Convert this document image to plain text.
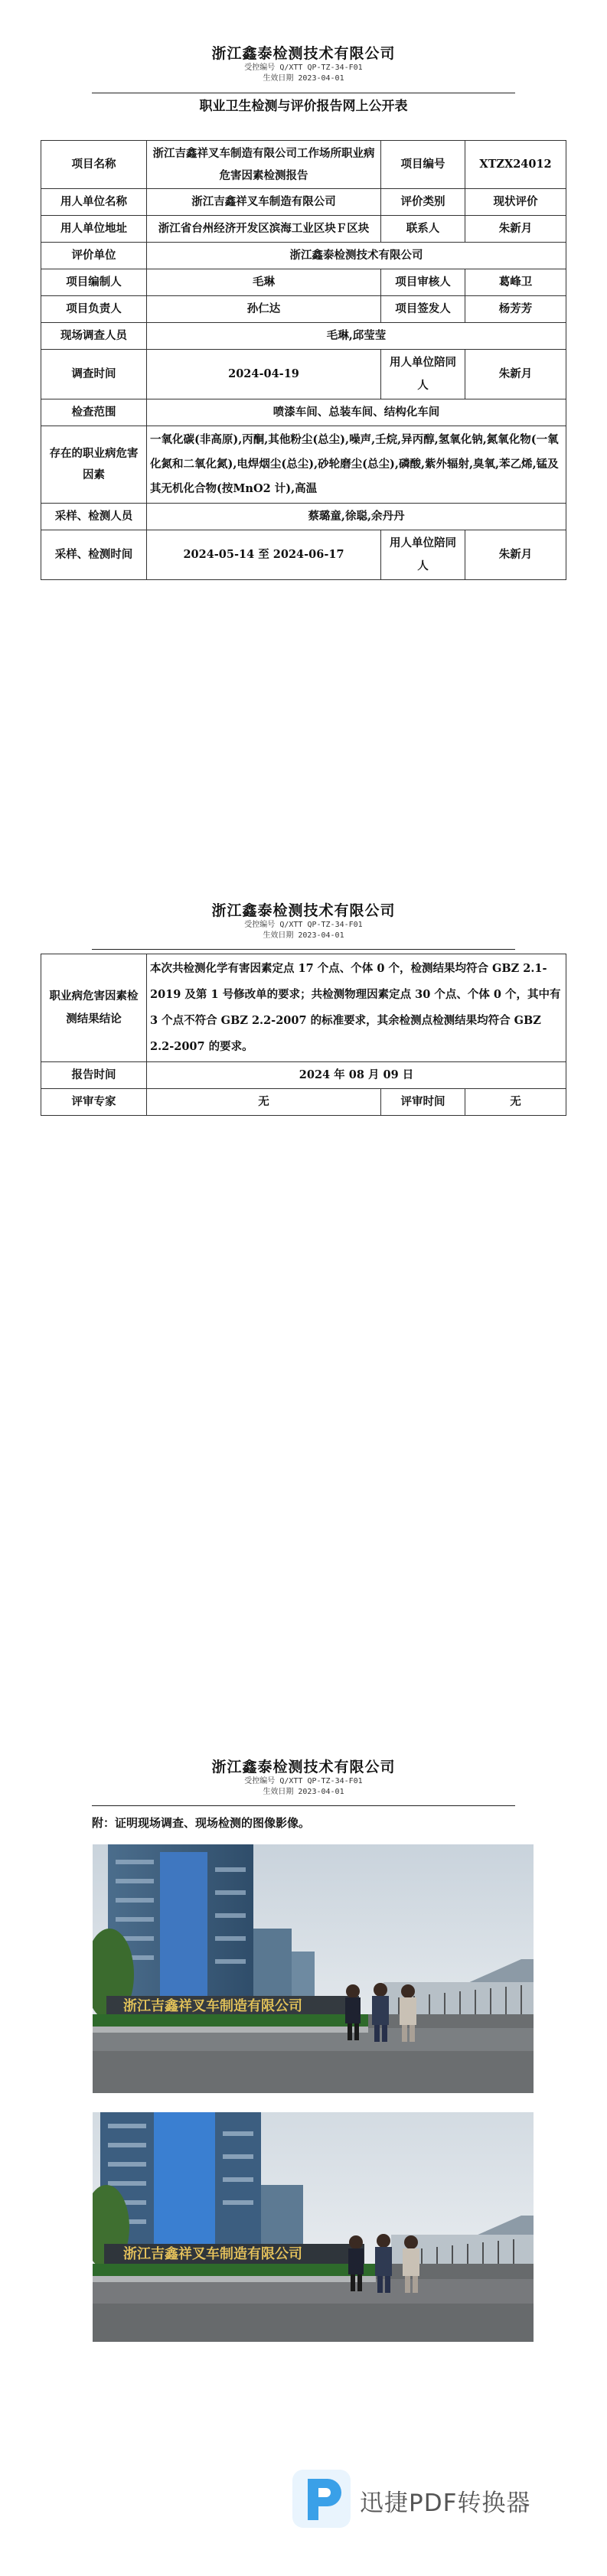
浙江鑫泰检测技术有限公司
受控编号 Q/XTT QP-TZ-34-F01
生效日期 2023-04-01
职业卫生检测与评价报告网上公开表
项目名称	浙江吉鑫祥叉车制造有限公司工作场所职业病危害因素检测报告	项目编号	XTZX24012
用人单位名称	浙江吉鑫祥叉车制造有限公司	评价类别	现状评价
用人单位地址	浙江省台州经济开发区滨海工业区块Ｆ区块	联系人	朱新月
评价单位	浙江鑫泰检测技术有限公司		
项目编制人	毛琳	项目审核人	葛峰卫
项目负责人	孙仁达	项目签发人	杨芳芳
现场调查人员	毛琳,邱莹莹		
调查时间	2024-04-19	用人单位陪同人	朱新月
检查范围	喷漆车间、总装车间、结构化车间		
存在的职业病危害因素	一氧化碳(非高原),丙酮,其他粉尘(总尘),噪声,壬烷,异丙醇,氢氧化钠,氮氧化物(一氧化氮和二氧化氮),电焊烟尘(总尘),砂轮磨尘(总尘),磷酸,紫外辐射,臭氧,苯乙烯,锰及其无机化合物(按MnO2 计),高温		
采样、检测人员	蔡璐童,徐聪,余丹丹		
采样、检测时间	2024-05-14 至 2024-06-17	用人单位陪同人	朱新月
浙江鑫泰检测技术有限公司
受控编号 Q/XTT QP-TZ-34-F01
生效日期 2023-04-01
职业病危害因素检测结果结论	本次共检测化学有害因素定点 17 个点、个体 0 个，检测结果均符合 GBZ 2.1-2019 及第 1 号修改单的要求；共检测物理因素定点 30 个点、个体 0 个，其中有 3 个点不符合 GBZ 2.2-2007 的标准要求，其余检测点检测结果均符合 GBZ 2.2-2007 的要求。		
报告时间	2024 年 08 月 09 日		
评审专家	无	评审时间	无
浙江鑫泰检测技术有限公司
受控编号 Q/XTT QP-TZ-34-F01
生效日期 2023-04-01
附：证明现场调查、现场检测的图像影像。
浙江吉鑫祥叉车制造有限公司
浙江吉鑫祥叉车制造有限公司
迅捷PDF转换器
